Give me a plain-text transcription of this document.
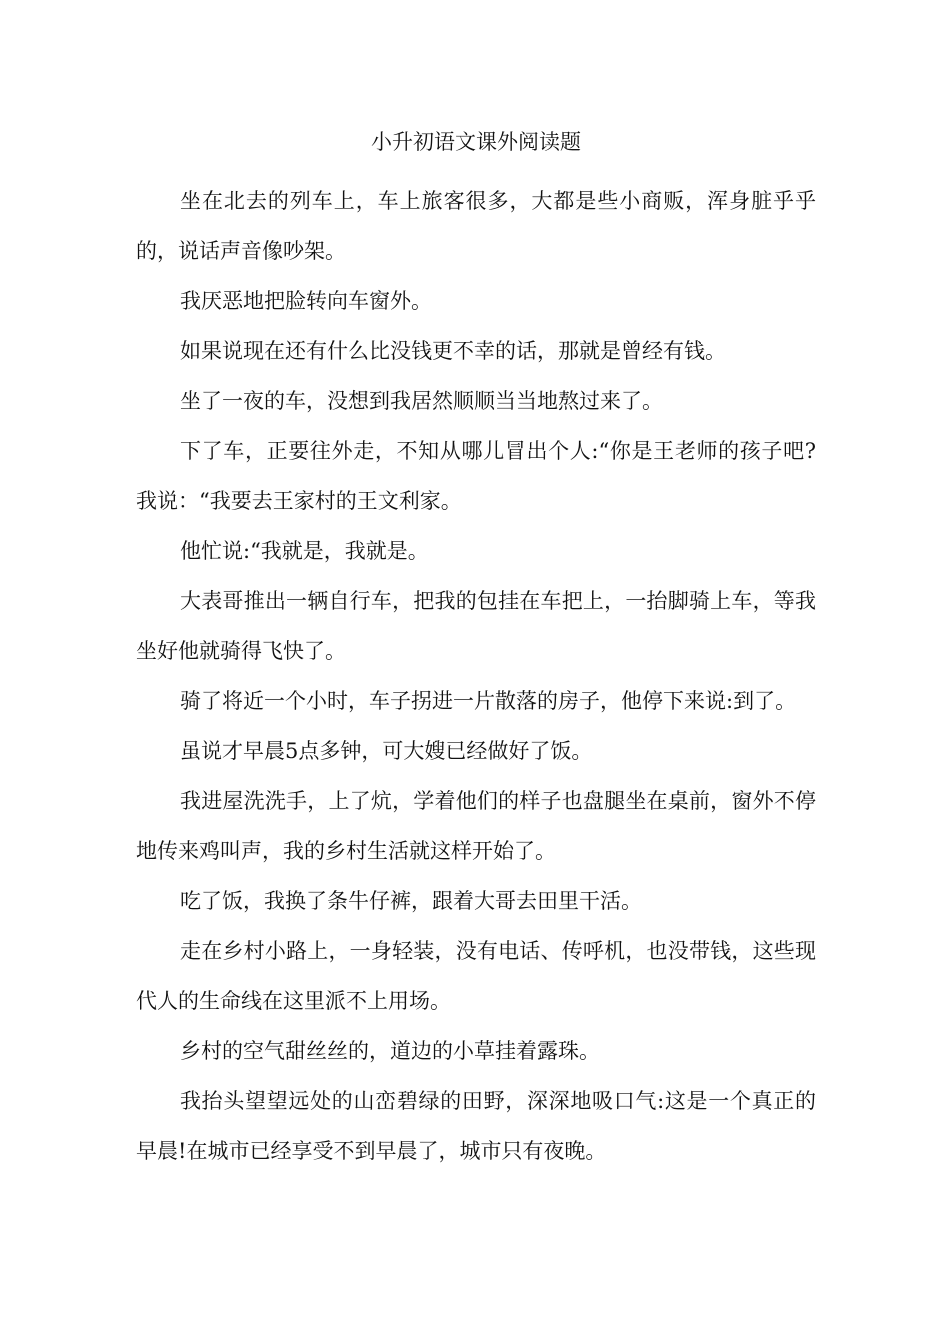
小升初语文课外阅读题

坐在北去的列车上，车上旅客很多，大都是些小商贩，浑身脏乎乎的，说话声音像吵架。

我厌恶地把脸转向车窗外。

如果说现在还有什么比没钱更不幸的话，那就是曾经有钱。

坐了一夜的车，没想到我居然顺顺当当地熬过来了。

下了车，正要往外走，不知从哪儿冒出个人:“你是王老师的孩子吧?我说：“我要去王家村的王文利家。

他忙说:“我就是，我就是。

大表哥推出一辆自行车，把我的包挂在车把上，一抬脚骑上车，等我坐好他就骑得飞快了。

骑了将近一个小时，车子拐进一片散落的房子，他停下来说:到了。

虽说才早晨5点多钟，可大嫂已经做好了饭。

我进屋洗洗手，上了炕，学着他们的样子也盘腿坐在桌前，窗外不停地传来鸡叫声，我的乡村生活就这样开始了。

吃了饭，我换了条牛仔裤，跟着大哥去田里干活。

走在乡村小路上，一身轻装，没有电话、传呼机，也没带钱，这些现代人的生命线在这里派不上用场。

乡村的空气甜丝丝的，道边的小草挂着露珠。

我抬头望望远处的山峦碧绿的田野，深深地吸口气:这是一个真正的早晨!在城市已经享受不到早晨了，城市只有夜晚。
